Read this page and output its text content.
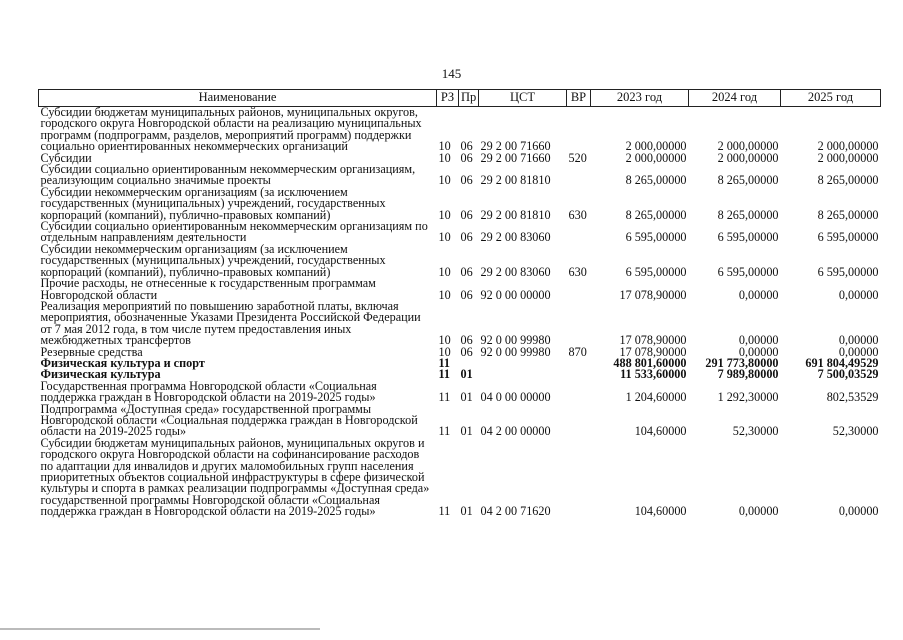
145
Наименование	РЗ	Пр	ЦСТ	ВР	2023 год	2024 год	2025 год
Субсидии бюджетам муниципальных районов, муниципальных округов, городского округа Новгородской области на реализацию муниципальных программ (подпрограмм, разделов, мероприятий программ) поддержки социально ориентированных некоммерческих организаций	10	06	29 2 00 71660		2 000,00000	2 000,00000	2 000,00000
Субсидии	10	06	29 2 00 71660	520	2 000,00000	2 000,00000	2 000,00000
Субсидии социально ориентированным некоммерческим организациям, реализующим социально значимые проекты	10	06	29 2 00 81810		8 265,00000	8 265,00000	8 265,00000
Субсидии некоммерческим организациям (за исключением государственных (муниципальных) учреждений, государственных корпораций (компаний), публично-правовых компаний)	10	06	29 2 00 81810	630	8 265,00000	8 265,00000	8 265,00000
Субсидии социально ориентированным некоммерческим организациям по отдельным направлениям деятельности	10	06	29 2 00 83060		6 595,00000	6 595,00000	6 595,00000
Субсидии некоммерческим организациям (за исключением государственных (муниципальных) учреждений, государственных корпораций (компаний), публично-правовых компаний)	10	06	29 2 00 83060	630	6 595,00000	6 595,00000	6 595,00000
Прочие расходы, не отнесенные к государственным программам Новгородской области	10	06	92 0 00 00000		17 078,90000	0,00000	0,00000
Реализация мероприятий по повышению заработной платы, включая мероприятия, обозначенные Указами Президента Российской Федерации от 7 мая 2012 года, в том числе путем предоставления иных межбюджетных трансфертов	10	06	92 0 00 99980		17 078,90000	0,00000	0,00000
Резервные средства	10	06	92 0 00 99980	870	17 078,90000	0,00000	0,00000
Физическая культура и спорт	11				488 801,60000	291 773,80000	691 804,49529
Физическая культура	11	01			11 533,60000	7 989,80000	7 500,03529
Государственная программа Новгородской области «Социальная поддержка граждан в Новгородской области на 2019-2025 годы»	11	01	04 0 00 00000		1 204,60000	1 292,30000	802,53529
Подпрограмма «Доступная среда» государственной программы Новгородской области «Социальная поддержка граждан в Новгородской области на 2019-2025 годы»	11	01	04 2 00 00000		104,60000	52,30000	52,30000
Субсидии бюджетам муниципальных районов, муниципальных округов и городского округа Новгородской области на софинансирование расходов по адаптации для инвалидов и других маломобильных групп населения приоритетных объектов социальной инфраструктуры в сфере физической культуры и спорта в рамках реализации подпрограммы «Доступная среда» государственной программы Новгородской области «Социальная поддержка граждан в Новгородской области на 2019-2025 годы»	11	01	04 2 00 71620		104,60000	0,00000	0,00000
